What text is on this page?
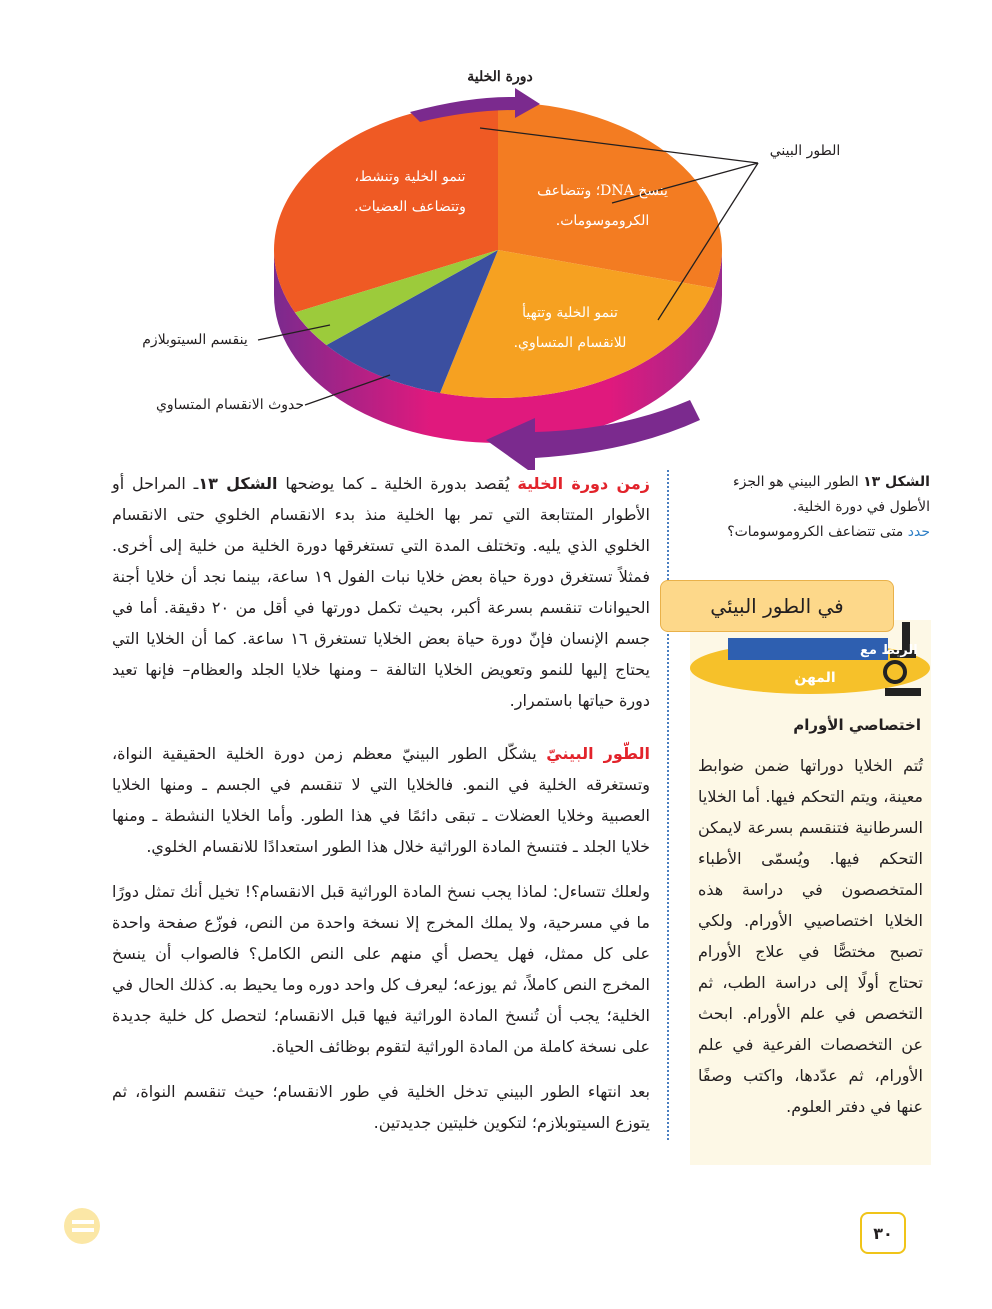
دورة الخلية
الطور البيني
ينقسم السيتوبلازم
حدوث الانقسام المتساوي
تنمو الخلية وتنشط،
وتتضاعف العضيات.
ينسخ DNA؛ وتتضاعف
الكروموسومات.
تنمو الخلية وتتهيأ
للانقسام المتساوي.
زمن دورة الخلية يُقصد بدورة الخلية ـ كما يوضحها الشكل ١٣ـ المراحل أو الأطوار المتتابعة التي تمر بها الخلية منذ بدء الانقسام الخلوي حتى الانقسام الخلوي الذي يليه. وتختلف المدة التي تستغرقها دورة الخلية من خلية إلى أخرى. فمثلاً تستغرق دورة حياة بعض خلايا نبات الفول ١٩ ساعة، بينما نجد أن خلايا أجنة الحيوانات تنقسم بسرعة أكبر، بحيث تكمل دورتها في أقل من ٢٠ دقيقة. أما في جسم الإنسان فإنّ دورة حياة بعض الخلايا تستغرق ١٦ ساعة. كما أن الخلايا التي يحتاج إليها للنمو وتعويض الخلايا التالفة – ومنها خلايا الجلد والعظام– فإنها تعيد دورة حياتها باستمرار.
الطّور البينيّ يشكّل الطور البينيّ معظم زمن دورة الخلية الحقيقية النواة، وتستغرقه الخلية في النمو. فالخلايا التي لا تنقسم في الجسم ـ ومنها الخلايا العصبية وخلايا العضلات ـ تبقى دائمًا في هذا الطور. وأما الخلايا النشطة ـ ومنها خلايا الجلد ـ فتنسخ المادة الوراثية خلال هذا الطور استعدادًا للانقسام الخلوي.
ولعلك تتساءل: لماذا يجب نسخ المادة الوراثية قبل الانقسام؟! تخيل أنك تمثل دورًا ما في مسرحية، ولا يملك المخرج إلا نسخة واحدة من النص، فوزّع صفحة واحدة على كل ممثل، فهل يحصل أي منهم على النص الكامل؟ فالصواب أن ينسخ المخرج النص كاملاً، ثم يوزعه؛ ليعرف كل واحد دوره وما يحيط به. كذلك الحال في الخلية؛ يجب أن تُنسخ المادة الوراثية فيها قبل الانقسام؛ لتحصل كل خلية جديدة على نسخة كاملة من المادة الوراثية لتقوم بوظائف الحياة.
بعد انتهاء الطور البيني تدخل الخلية في طور الانقسام؛ حيث تنقسم النواة، ثم يتوزع السيتوبلازم؛ لتكوين خليتين جديدتين.
الشكل ١٣ الطور البيني هو الجزء الأطول في دورة الخلية.
حدد متى تتضاعف الكروموسومات؟
الربط مع
المهن
اختصاصي الأورام
تُتم الخلايا دوراتها ضمن ضوابط معينة، ويتم التحكم فيها. أما الخلايا السرطانية فتنقسم بسرعة لايمكن التحكم فيها. ويُسمّى الأطباء المتخصصون في دراسة هذه الخلايا اختصاصيي الأورام. ولكي تصبح مختصًّا في علاج الأورام تحتاج أولًا إلى دراسة الطب، ثم التخصص في علم الأورام. ابحث عن التخصصات الفرعية في علم الأورام، ثم عدّدها، واكتب وصفًا عنها في دفتر العلوم.
في الطور البيئي
٣٠
